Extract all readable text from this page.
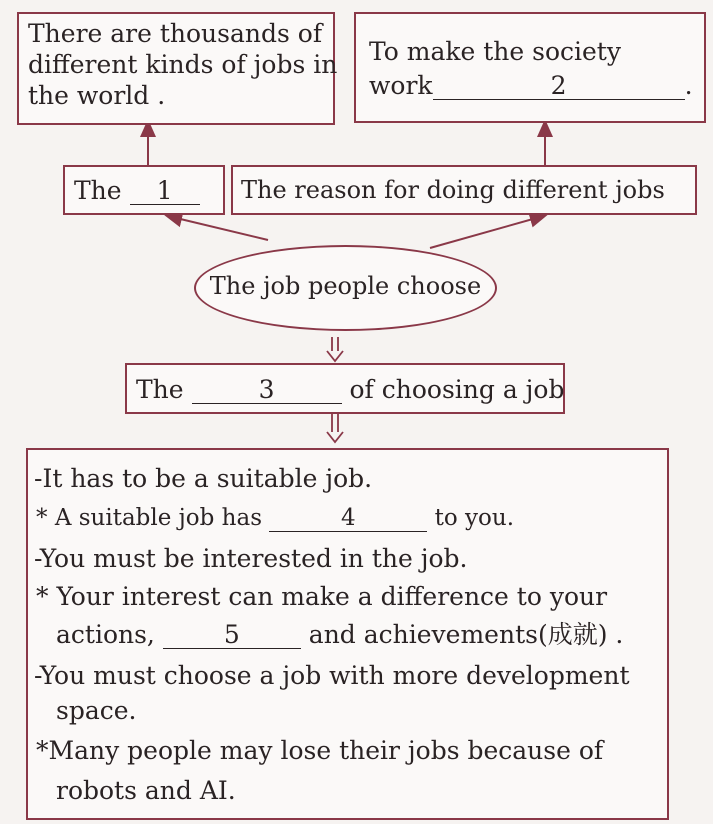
There are thousands of
different kinds of jobs in
the world .
To make the society
work	2	.
The 1	The reason for doing different jobs
The job people choose
The	3	of choosing a job
-It has to be a suitable job.
* A suitable job has	4	to you.
-You must be interested in the job.
* Your interest can make a difference to your
actions,	5	and achievements(成就) .
-You must choose a job with more development
space.
*Many people may lose their jobs because of
robots and AI.
